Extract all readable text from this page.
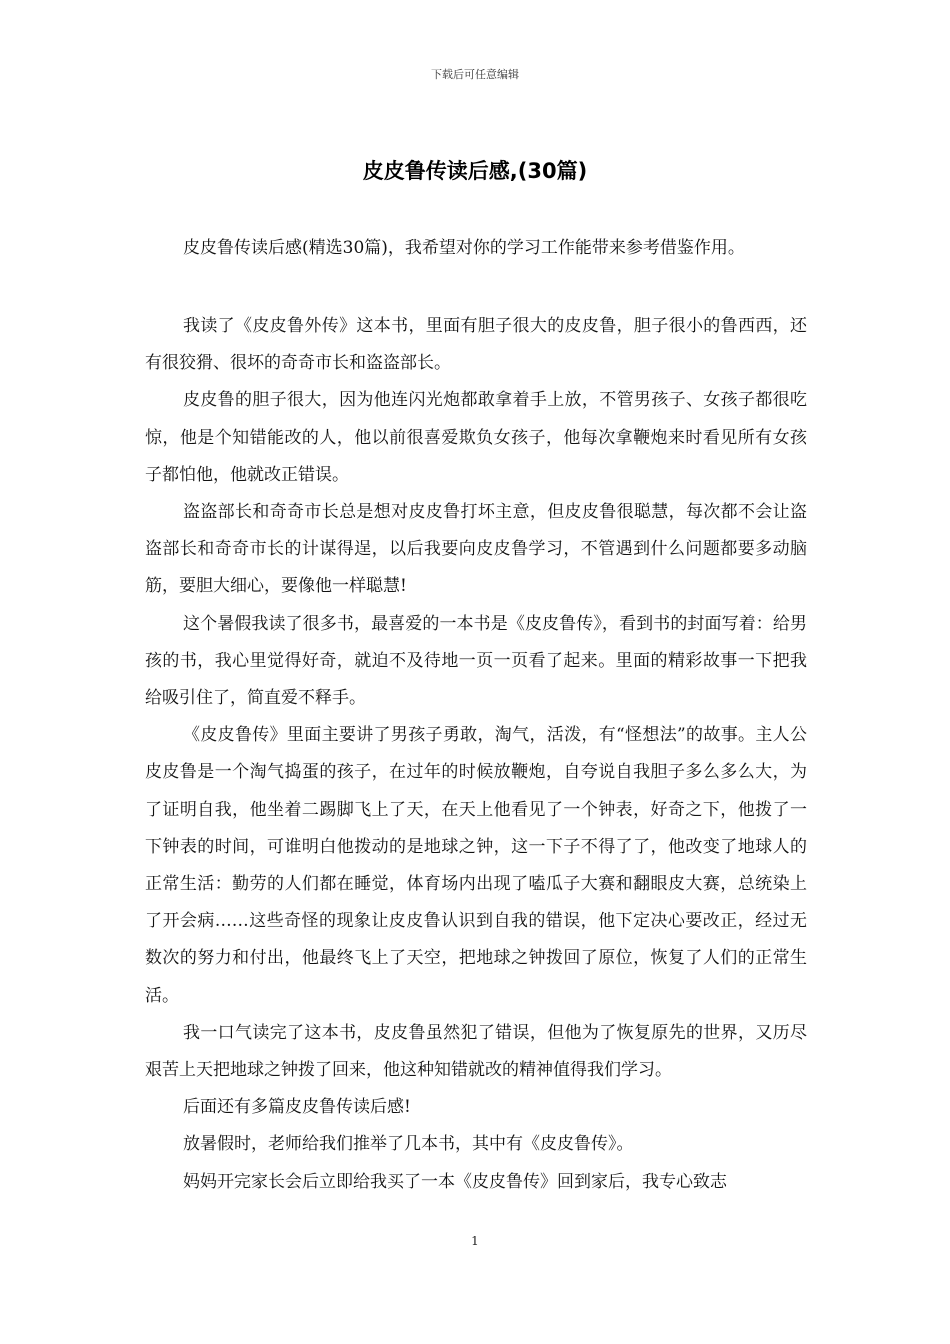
下载后可任意编辑
皮皮鲁传读后感,(30篇)

皮皮鲁传读后感(精选30篇)，我希望对你的学习工作能带来参考借鉴作用。

我读了《皮皮鲁外传》这本书，里面有胆子很大的皮皮鲁，胆子很小的鲁西西，还有很狡猾、很坏的奇奇市长和盗盗部长。

皮皮鲁的胆子很大，因为他连闪光炮都敢拿着手上放，不管男孩子、女孩子都很吃惊，他是个知错能改的人，他以前很喜爱欺负女孩子，他每次拿鞭炮来时看见所有女孩子都怕他，他就改正错误。

盗盗部长和奇奇市长总是想对皮皮鲁打坏主意，但皮皮鲁很聪慧，每次都不会让盗盗部长和奇奇市长的计谋得逞，以后我要向皮皮鲁学习，不管遇到什么问题都要多动脑筋，要胆大细心，要像他一样聪慧!

这个暑假我读了很多书，最喜爱的一本书是《皮皮鲁传》，看到书的封面写着：给男孩的书，我心里觉得好奇，就迫不及待地一页一页看了起来。里面的精彩故事一下把我给吸引住了，简直爱不释手。

《皮皮鲁传》里面主要讲了男孩子勇敢，淘气，活泼，有“怪想法”的故事。主人公皮皮鲁是一个淘气捣蛋的孩子，在过年的时候放鞭炮，自夸说自我胆子多么多么大，为了证明自我，他坐着二踢脚飞上了天，在天上他看见了一个钟表，好奇之下，他拨了一下钟表的时间，可谁明白他拨动的是地球之钟，这一下子不得了了，他改变了地球人的正常生活：勤劳的人们都在睡觉，体育场内出现了嗑瓜子大赛和翻眼皮大赛，总统染上了开会病……这些奇怪的现象让皮皮鲁认识到自我的错误，他下定决心要改正，经过无数次的努力和付出，他最终飞上了天空，把地球之钟拨回了原位，恢复了人们的正常生活。

我一口气读完了这本书，皮皮鲁虽然犯了错误，但他为了恢复原先的世界，又历尽艰苦上天把地球之钟拨了回来，他这种知错就改的精神值得我们学习。

后面还有多篇皮皮鲁传读后感!

放暑假时，老师给我们推举了几本书，其中有《皮皮鲁传》。

妈妈开完家长会后立即给我买了一本《皮皮鲁传》回到家后，我专心致志

1
